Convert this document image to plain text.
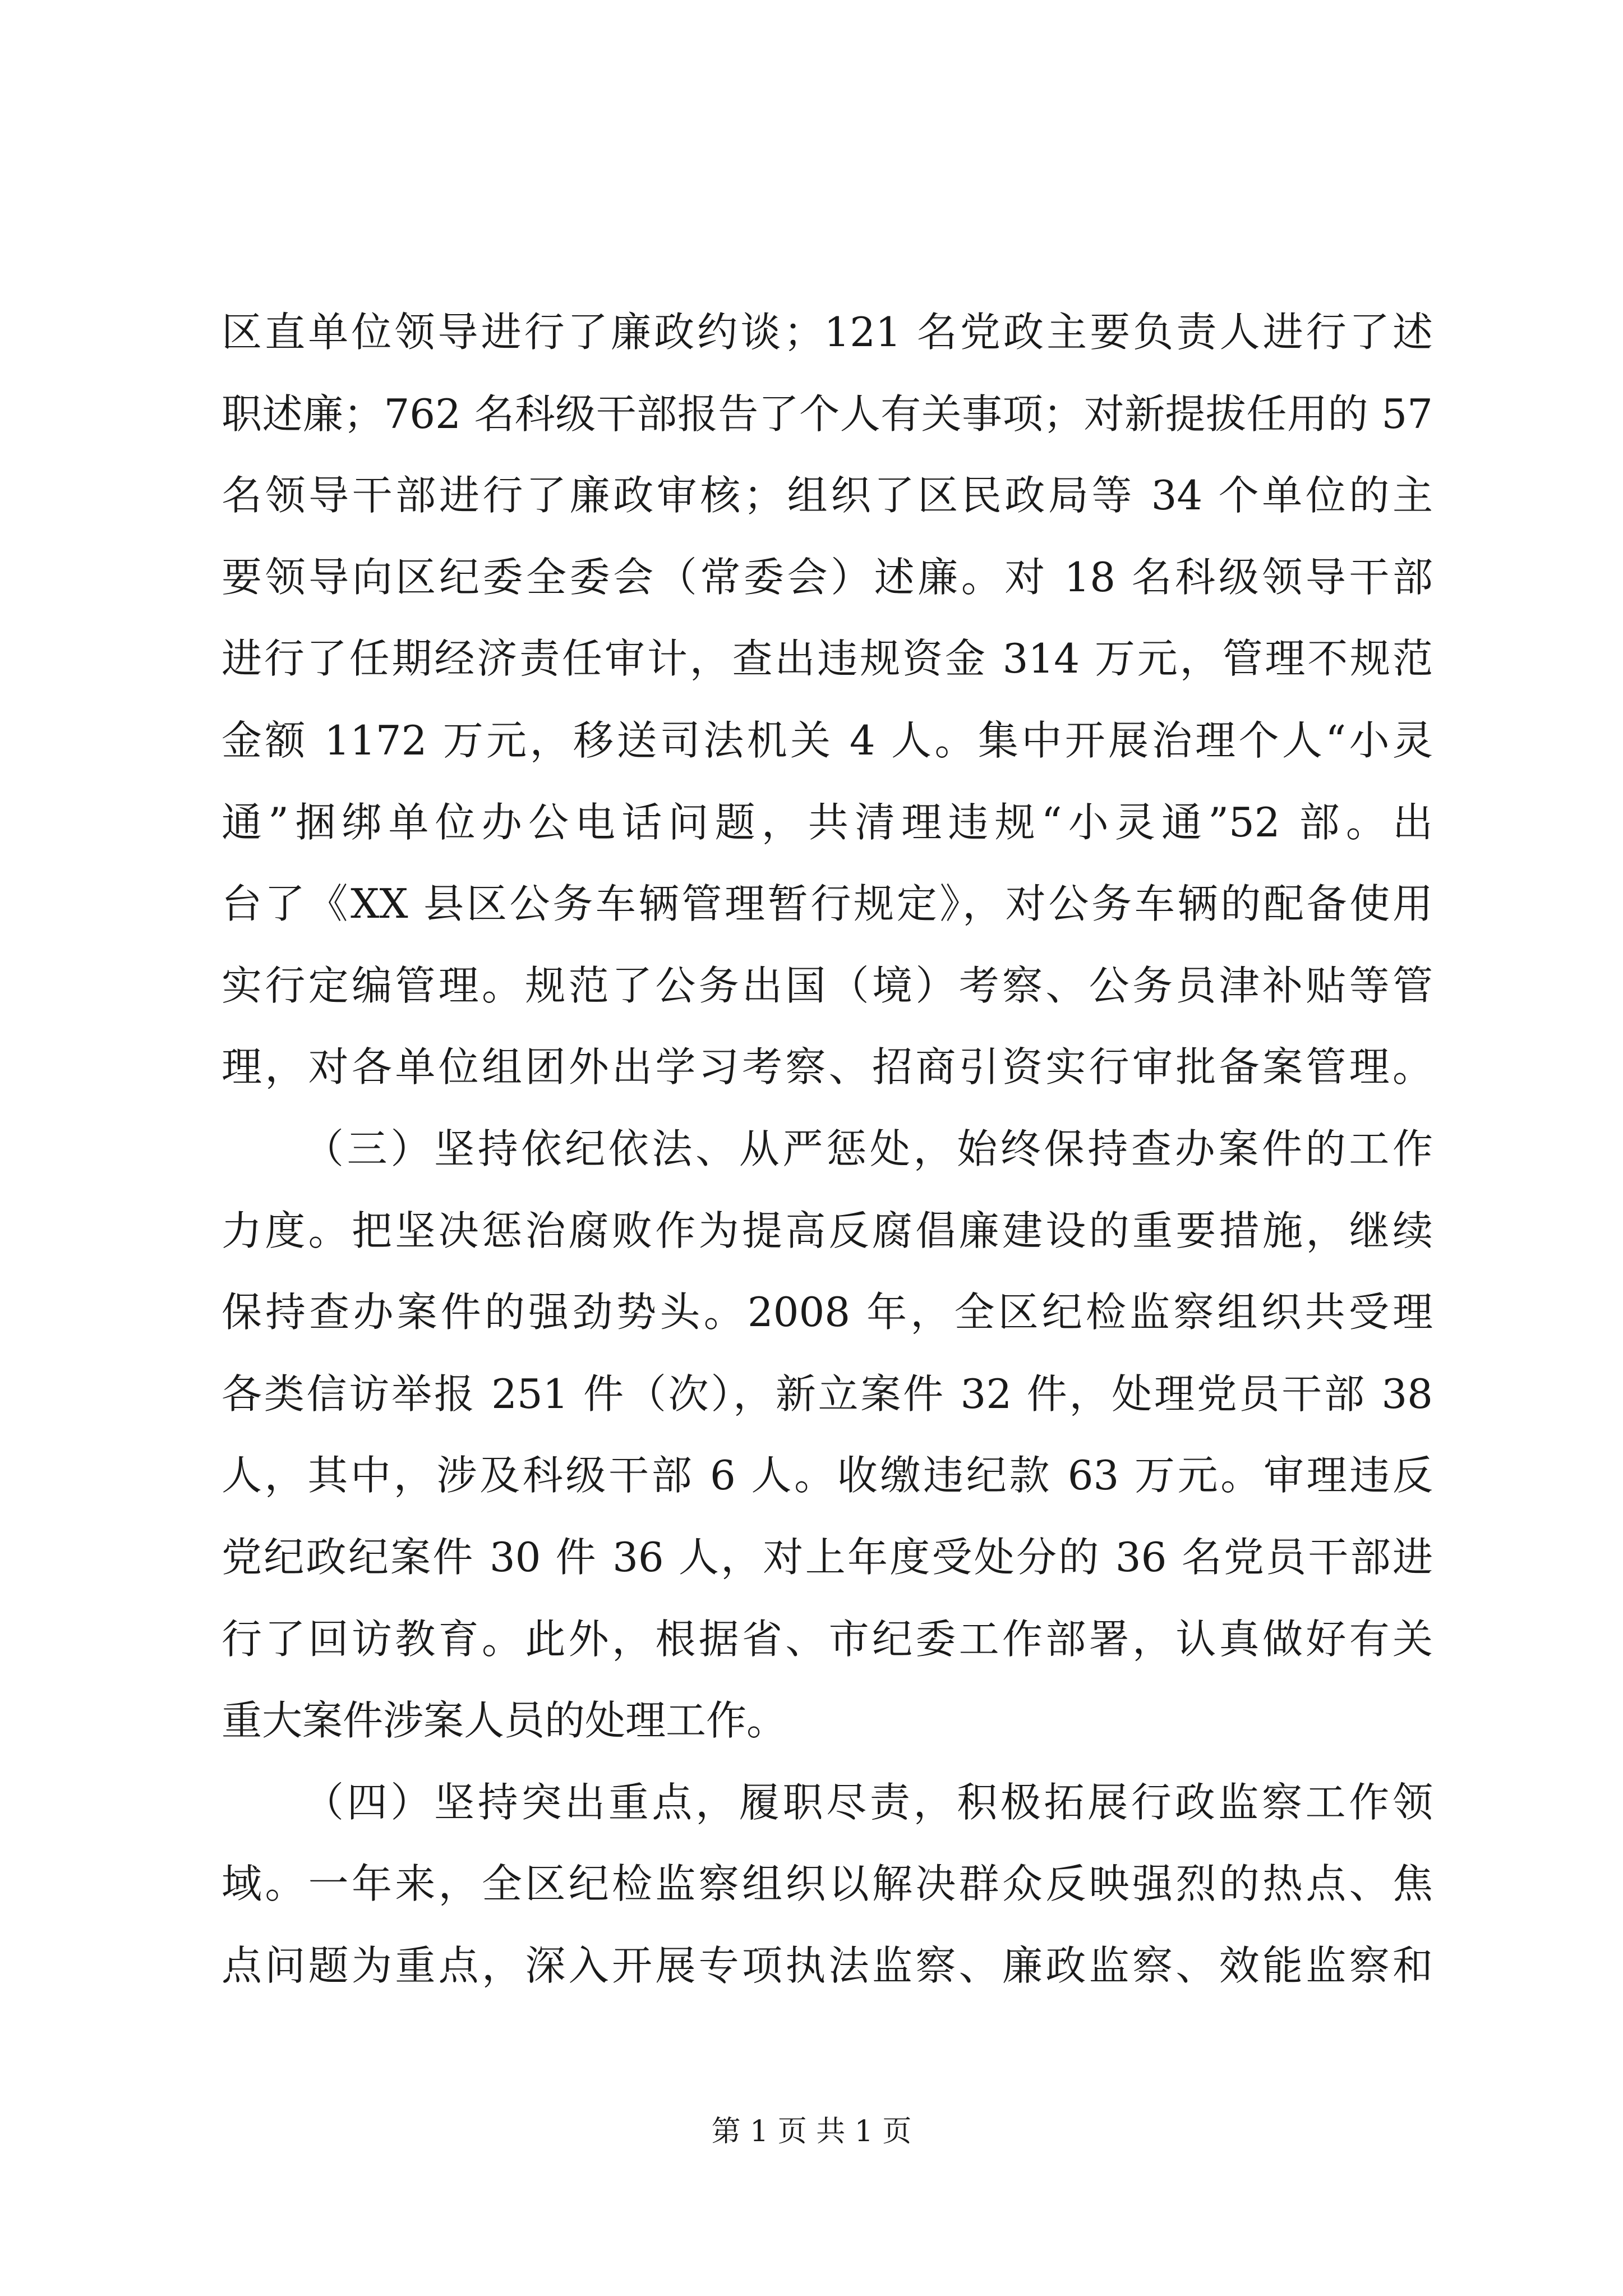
区直单位领导进行了廉政约谈；121 名党政主要负责人进行了述
职述廉；762 名科级干部报告了个人有关事项；对新提拔任用的 57
名领导干部进行了廉政审核；组织了区民政局等 34 个单位的主
要领导向区纪委全委会（常委会）述廉。对 18 名科级领导干部
进行了任期经济责任审计，查出违规资金 314 万元，管理不规范
金额 1172 万元，移送司法机关 4 人。集中开展治理个人“小灵
通”捆绑单位办公电话问题，共清理违规“小灵通”52 部。出
台了《XX 县区公务车辆管理暂行规定》，对公务车辆的配备使用
实行定编管理。规范了公务出国（境）考察、公务员津补贴等管
理，对各单位组团外出学习考察、招商引资实行审批备案管理。
（三）坚持依纪依法、从严惩处，始终保持查办案件的工作
力度。把坚决惩治腐败作为提高反腐倡廉建设的重要措施，继续
保持查办案件的强劲势头。2008 年，全区纪检监察组织共受理
各类信访举报 251 件（次），新立案件 32 件，处理党员干部 38
人，其中，涉及科级干部 6 人。收缴违纪款 63 万元。审理违反
党纪政纪案件 30 件 36 人，对上年度受处分的 36 名党员干部进
行了回访教育。此外，根据省、市纪委工作部署，认真做好有关
重大案件涉案人员的处理工作。
（四）坚持突出重点，履职尽责，积极拓展行政监察工作领
域。一年来，全区纪检监察组织以解决群众反映强烈的热点、焦
点问题为重点，深入开展专项执法监察、廉政监察、效能监察和
第 1 页 共 1 页
